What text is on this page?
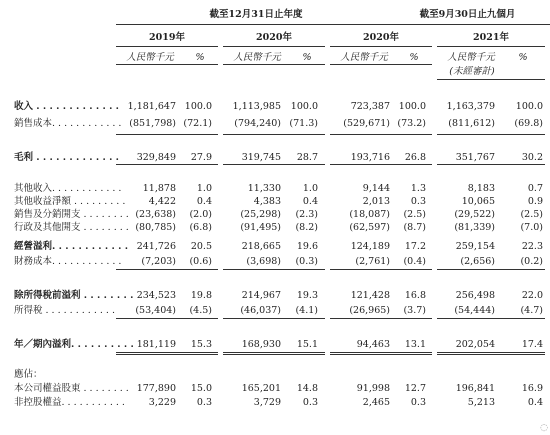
截至12月31日止年度	截至9月30日止九個月
2019年	2020年	2020年	2021年
人民幣千元	%	人民幣千元	%	人民幣千元	%	人民幣千元	%
(未經審計)
收入 . . . . . . . . . . . . . 1,181,647 100.0	1,113,985 100.0	723,387 100.0	1,163,379 100.0
銷售成本. . . . . . . . . . . . (851,798) (72.1)	(794,240) (71.3)	(529,671) (73.2)	(811,612) (69.8)
毛利 . . . . . . . . . . . . .	329,849	27.9	319,745	28.7	193,716	26.8	351,767	30.2
其他收入. . . . . . . . . . . .	11,878	1.0	11,330	1.0	9,144	1.3	8,183	0.7
其他收益淨額 . . . . . . . . .	4,422	0.4	4,383	0.4	2,013	0.3	10,065	0.9
銷售及分銷開支 . . . . . . . . (23,638)	(2.0)	(25,298)	(2.3)	(18,087)	(2.5)	(29,522)	(2.5)
行政及其他開支 . . . . . . . . (80,785)	(6.8)	(91,495)	(8.2)	(62,597)	(8.7)	(81,339)	(7.0)
經營溢利. . . . . . . . . . . . 241,726	20.5	218,665	19.6	124,189	17.2	259,154	22.3
財務成本. . . . . . . . . . . .	(7,203)	(0.6)	(3,698)	(0.3)	(2,761)	(0.4)	(2,656)	(0.2)
除所得稅前溢利 . . . . . . . . 234,523	19.8	214,967	19.3	121,428	16.8	256,498	22.0
所得稅 . . . . . . . . . . . .	(53,404)	(4.5)	(46,037)	(4.1)	(26,965)	(3.7)	(54,444)	(4.7)
年／期內溢利. . . . . . . . . . 181,119	15.3	168,930	15.1	94,463	13.1	202,054	17.4
應佔：
本公司權益股東 . . . . . . . . 177,890	15.0	165,201	14.8	91,998	12.7	196,841	16.9
非控股權益. . . . . . . . . . .	3,229	0.3	3,729	0.3	2,465	0.3	5,213	0.4
◌
